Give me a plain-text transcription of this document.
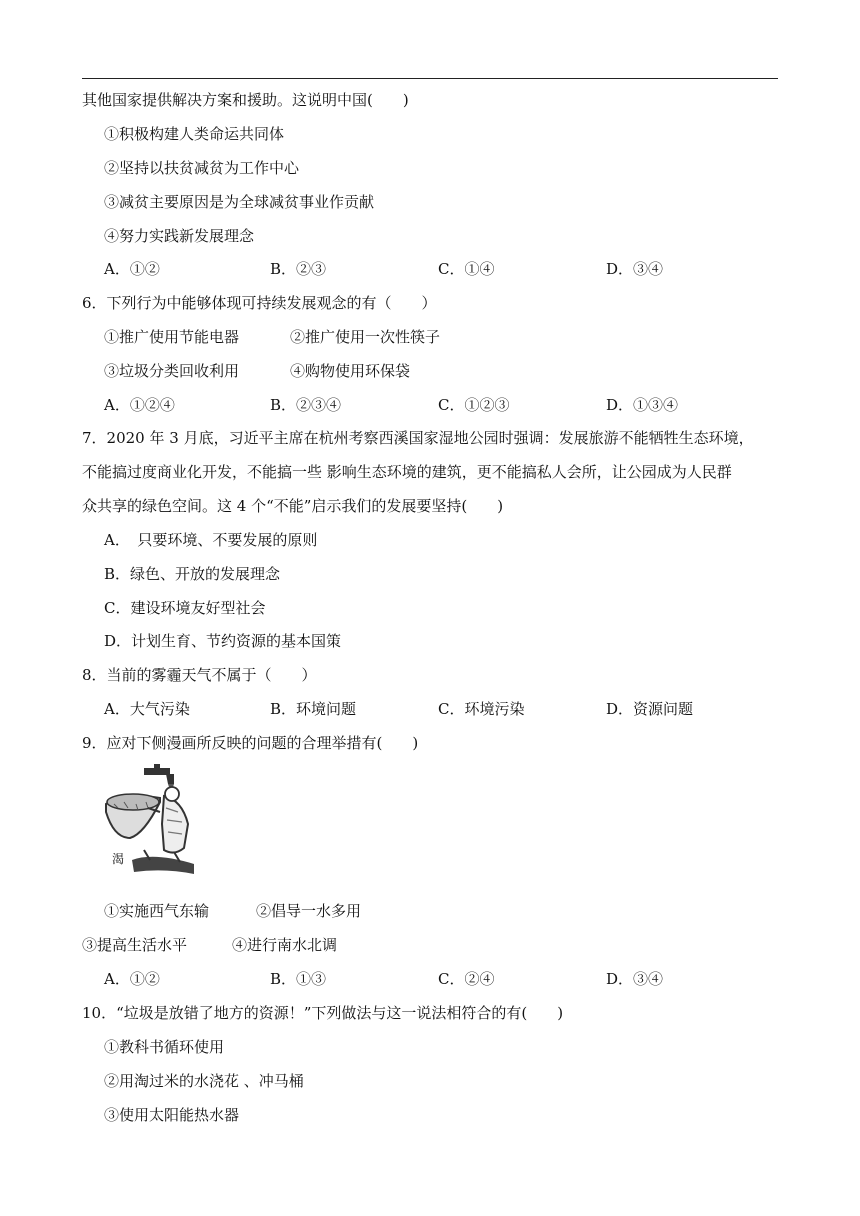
其他国家提供解决方案和援助。这说明中国(　　)
①积极构建人类命运共同体
②坚持以扶贫减贫为工作中心
③减贫主要原因是为全球减贫事业作贡献
④努力实践新发展理念
A．①②	B．②③	C．①④	D．③④
6．下列行为中能够体现可持续发展观念的有（　　）
①推广使用节能电器	②推广使用一次性筷子
③垃圾分类回收利用	④购物使用环保袋
A．①②④	B．②③④	C．①②③	D．①③④
7．2020 年 3 月底，习近平主席在杭州考察西溪国家湿地公园时强调：发展旅游不能牺牲生态环境，
不能搞过度商业化开发，不能搞一些 影响生态环境的建筑，更不能搞私人会所，让公园成为人民群
众共享的绿色空间。这 4 个“不能”启示我们的发展要坚持(　　)
A．　只要环境、不要发展的原则
B．绿色、开放的发展理念
C．建设环境友好型社会
D．计划生育、节约资源的基本国策
8．当前的雾霾天气不属于（　　）
A．大气污染	B．环境问题	C．环境污染	D．资源问题
9．应对下侧漫画所反映的问题的合理举措有(　　)
渴
①实施西气东输	②倡导一水多用
③提高生活水平	④进行南水北调
A．①②	B．①③	C．②④	D．③④
10．“垃圾是放错了地方的资源！”下列做法与这一说法相符合的有(　　)
①教科书循环使用
②用淘过米的水浇花 、冲马桶
③使用太阳能热水器
